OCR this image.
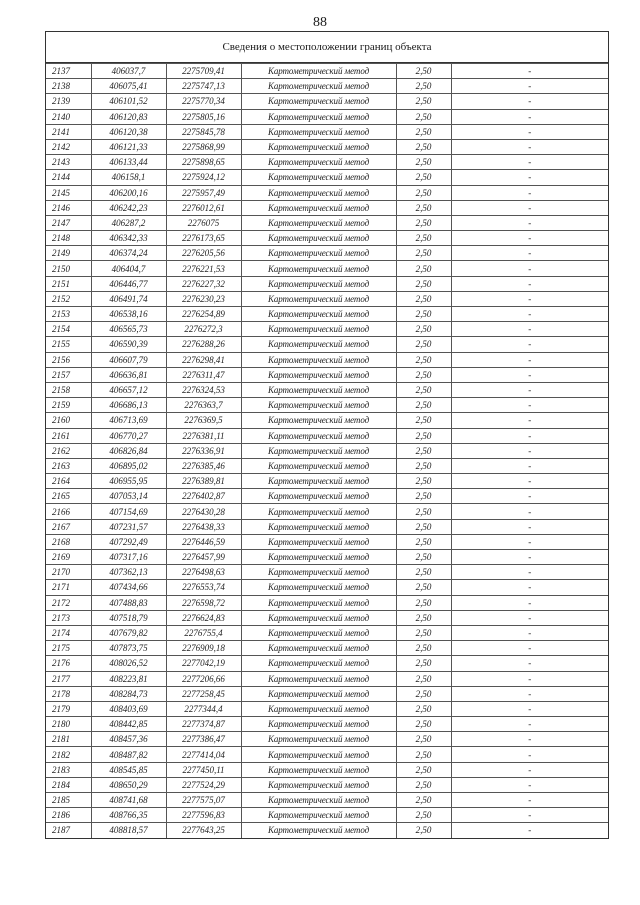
88
Сведения о местоположении границ объекта
2137	406037,7	2275709,41	Картометрический метод	2,50	-
2138	406075,41	2275747,13	Картометрический метод	2,50	-
2139	406101,52	2275770,34	Картометрический метод	2,50	-
2140	406120,83	2275805,16	Картометрический метод	2,50	-
2141	406120,38	2275845,78	Картометрический метод	2,50	-
2142	406121,33	2275868,99	Картометрический метод	2,50	-
2143	406133,44	2275898,65	Картометрический метод	2,50	-
2144	406158,1	2275924,12	Картометрический метод	2,50	-
2145	406200,16	2275957,49	Картометрический метод	2,50	-
2146	406242,23	2276012,61	Картометрический метод	2,50	-
2147	406287,2	2276075	Картометрический метод	2,50	-
2148	406342,33	2276173,65	Картометрический метод	2,50	-
2149	406374,24	2276205,56	Картометрический метод	2,50	-
2150	406404,7	2276221,53	Картометрический метод	2,50	-
2151	406446,77	2276227,32	Картометрический метод	2,50	-
2152	406491,74	2276230,23	Картометрический метод	2,50	-
2153	406538,16	2276254,89	Картометрический метод	2,50	-
2154	406565,73	2276272,3	Картометрический метод	2,50	-
2155	406590,39	2276288,26	Картометрический метод	2,50	-
2156	406607,79	2276298,41	Картометрический метод	2,50	-
2157	406636,81	2276311,47	Картометрический метод	2,50	-
2158	406657,12	2276324,53	Картометрический метод	2,50	-
2159	406686,13	2276363,7	Картометрический метод	2,50	-
2160	406713,69	2276369,5	Картометрический метод	2,50	-
2161	406770,27	2276381,11	Картометрический метод	2,50	-
2162	406826,84	2276336,91	Картометрический метод	2,50	-
2163	406895,02	2276385,46	Картометрический метод	2,50	-
2164	406955,95	2276389,81	Картометрический метод	2,50	-
2165	407053,14	2276402,87	Картометрический метод	2,50	-
2166	407154,69	2276430,28	Картометрический метод	2,50	-
2167	407231,57	2276438,33	Картометрический метод	2,50	-
2168	407292,49	2276446,59	Картометрический метод	2,50	-
2169	407317,16	2276457,99	Картометрический метод	2,50	-
2170	407362,13	2276498,63	Картометрический метод	2,50	-
2171	407434,66	2276553,74	Картометрический метод	2,50	-
2172	407488,83	2276598,72	Картометрический метод	2,50	-
2173	407518,79	2276624,83	Картометрический метод	2,50	-
2174	407679,82	2276755,4	Картометрический метод	2,50	-
2175	407873,75	2276909,18	Картометрический метод	2,50	-
2176	408026,52	2277042,19	Картометрический метод	2,50	-
2177	408223,81	2277206,66	Картометрический метод	2,50	-
2178	408284,73	2277258,45	Картометрический метод	2,50	-
2179	408403,69	2277344,4	Картометрический метод	2,50	-
2180	408442,85	2277374,87	Картометрический метод	2,50	-
2181	408457,36	2277386,47	Картометрический метод	2,50	-
2182	408487,82	2277414,04	Картометрический метод	2,50	-
2183	408545,85	2277450,11	Картометрический метод	2,50	-
2184	408650,29	2277524,29	Картометрический метод	2,50	-
2185	408741,68	2277575,07	Картометрический метод	2,50	-
2186	408766,35	2277596,83	Картометрический метод	2,50	-
2187	408818,57	2277643,25	Картометрический метод	2,50	-
